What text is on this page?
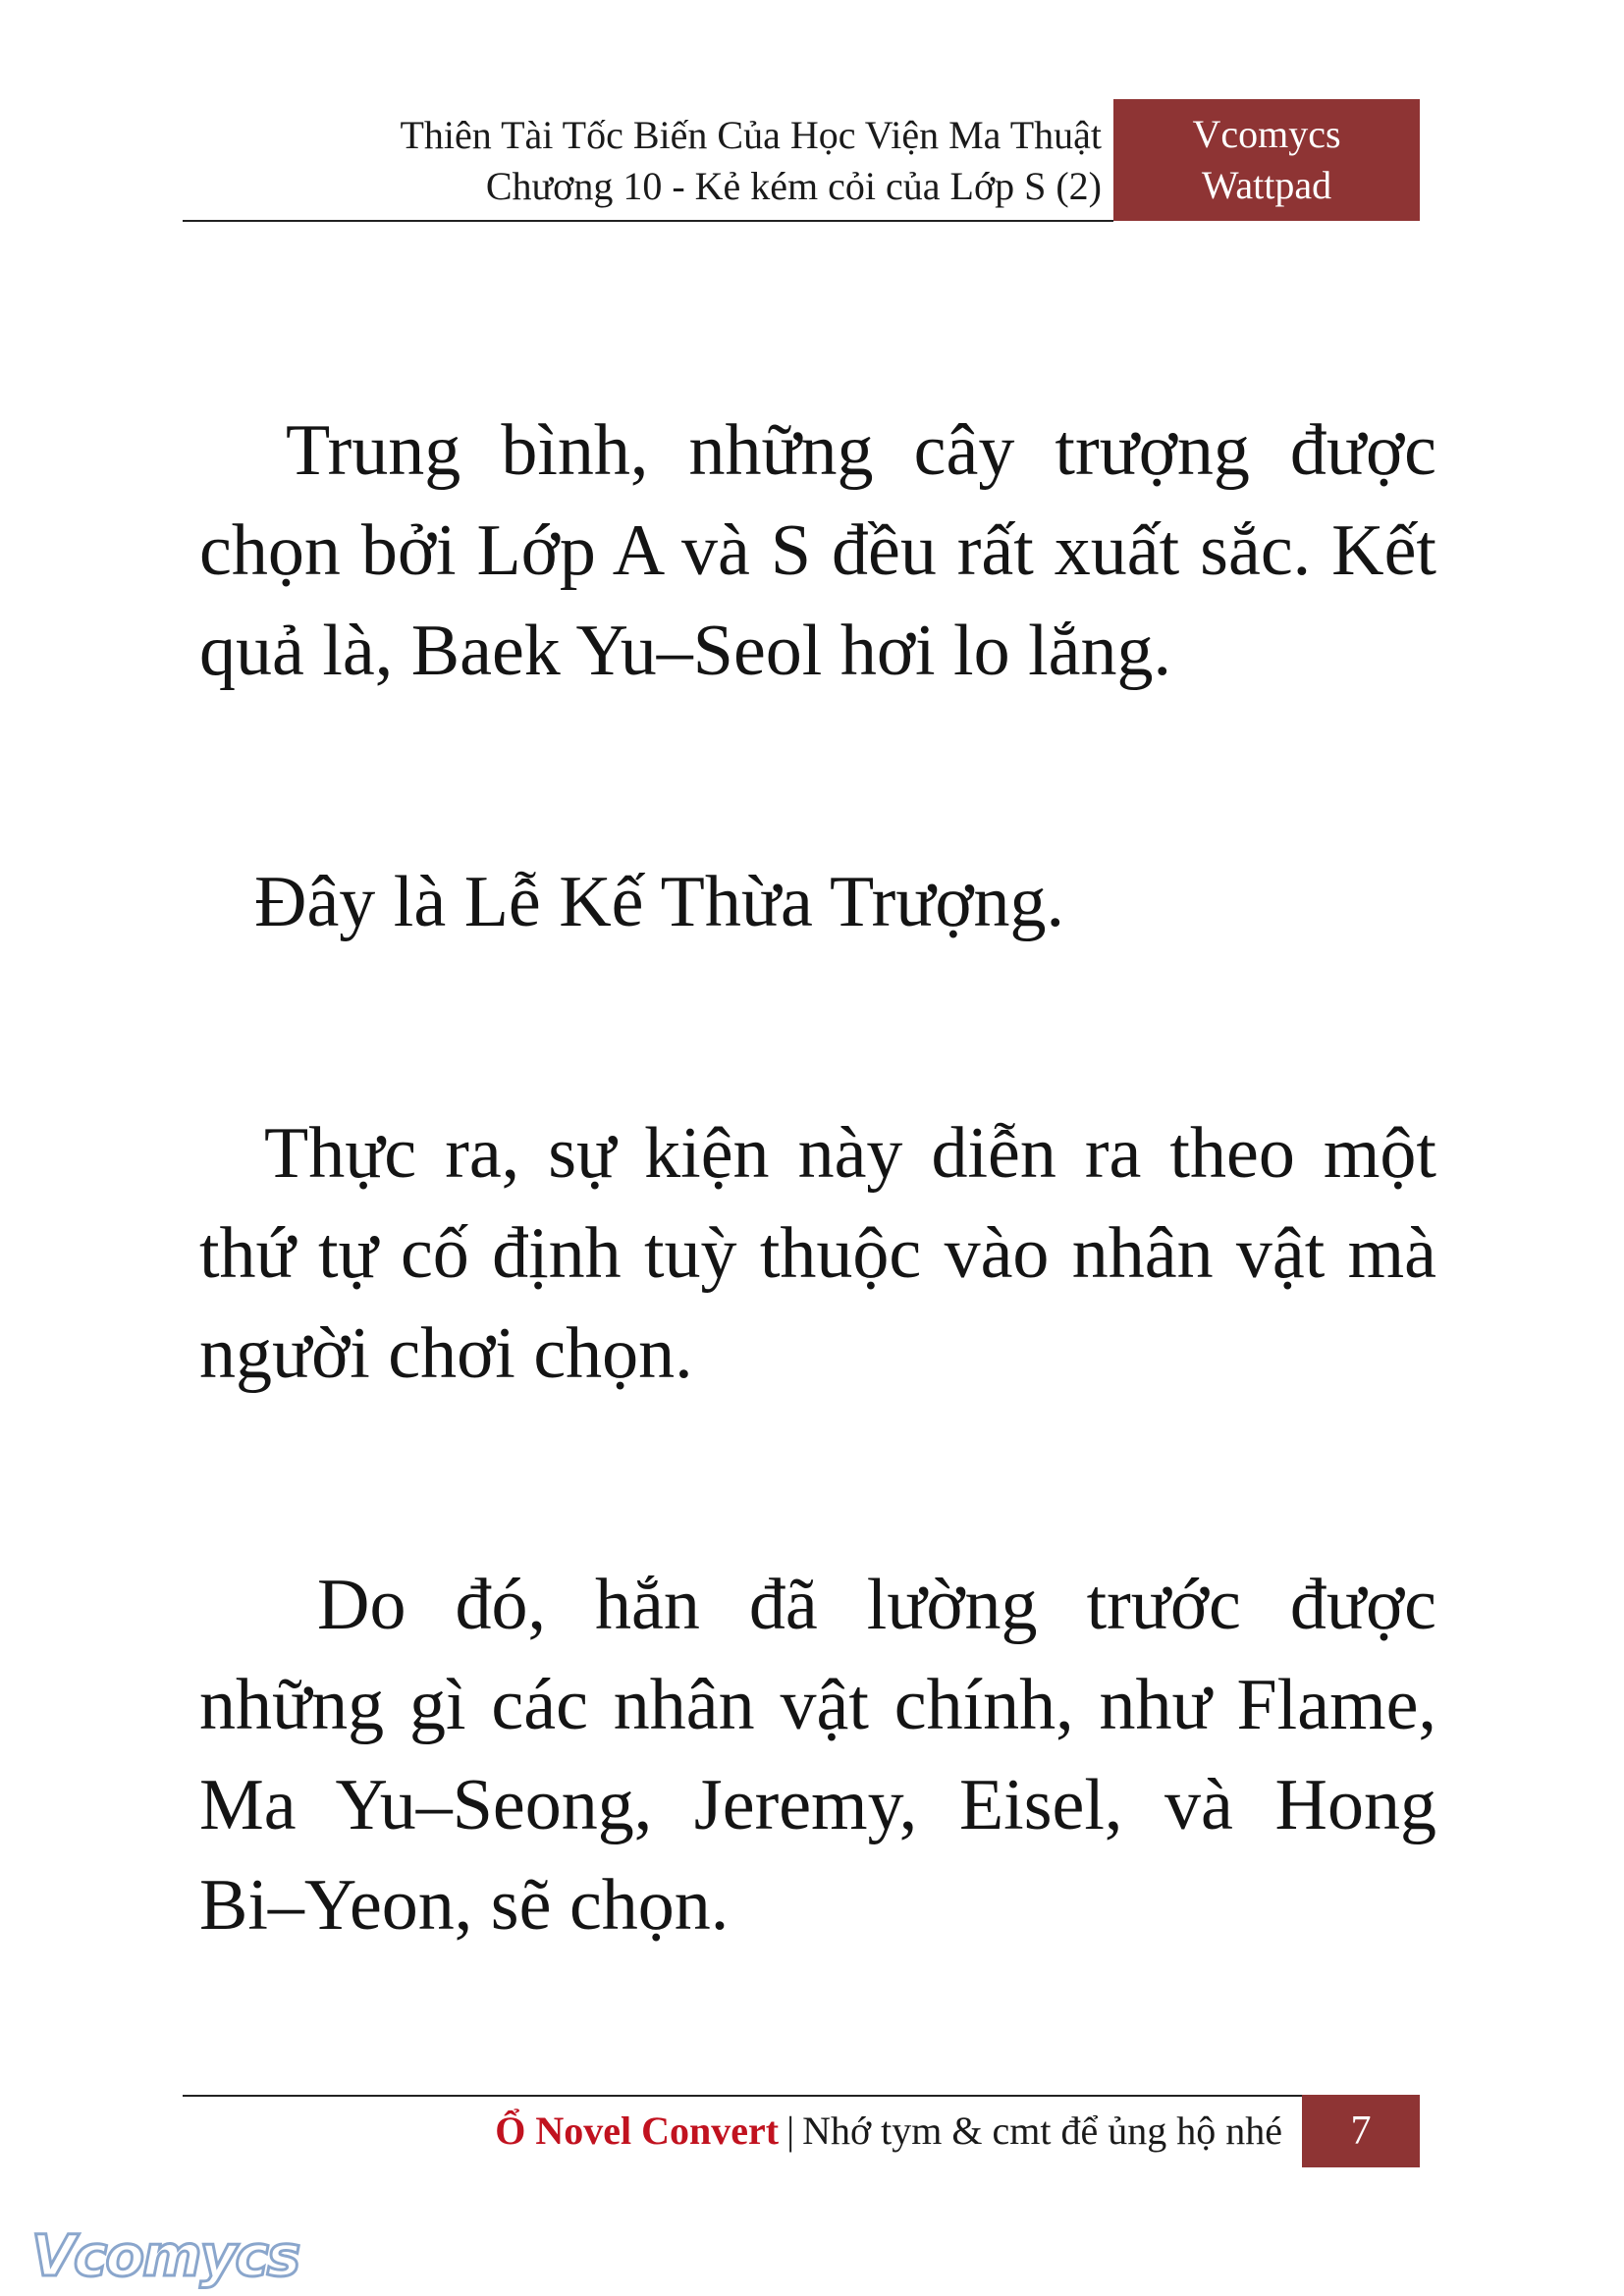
Thiên Tài Tốc Biến Của Học Viện Ma Thuật
Chương 10 - Kẻ kém cỏi của Lớp S (2)
Vcomycs
Wattpad

Trung bình, những cây trượng được chọn bởi Lớp A và S đều rất xuất sắc. Kết quả là, Baek Yu–Seol hơi lo lắng.

Đây là Lễ Kế Thừa Trượng.

Thực ra, sự kiện này diễn ra theo một thứ tự cố định tuỳ thuộc vào nhân vật mà người chơi chọn.

Do đó, hắn đã lường trước được những gì các nhân vật chính, như Flame, Ma Yu–Seong, Jeremy, Eisel, và Hong Bi–Yeon, sẽ chọn.

Ổ Novel Convert | Nhớ tym & cmt để ủng hộ nhé	7
Vcomycs
